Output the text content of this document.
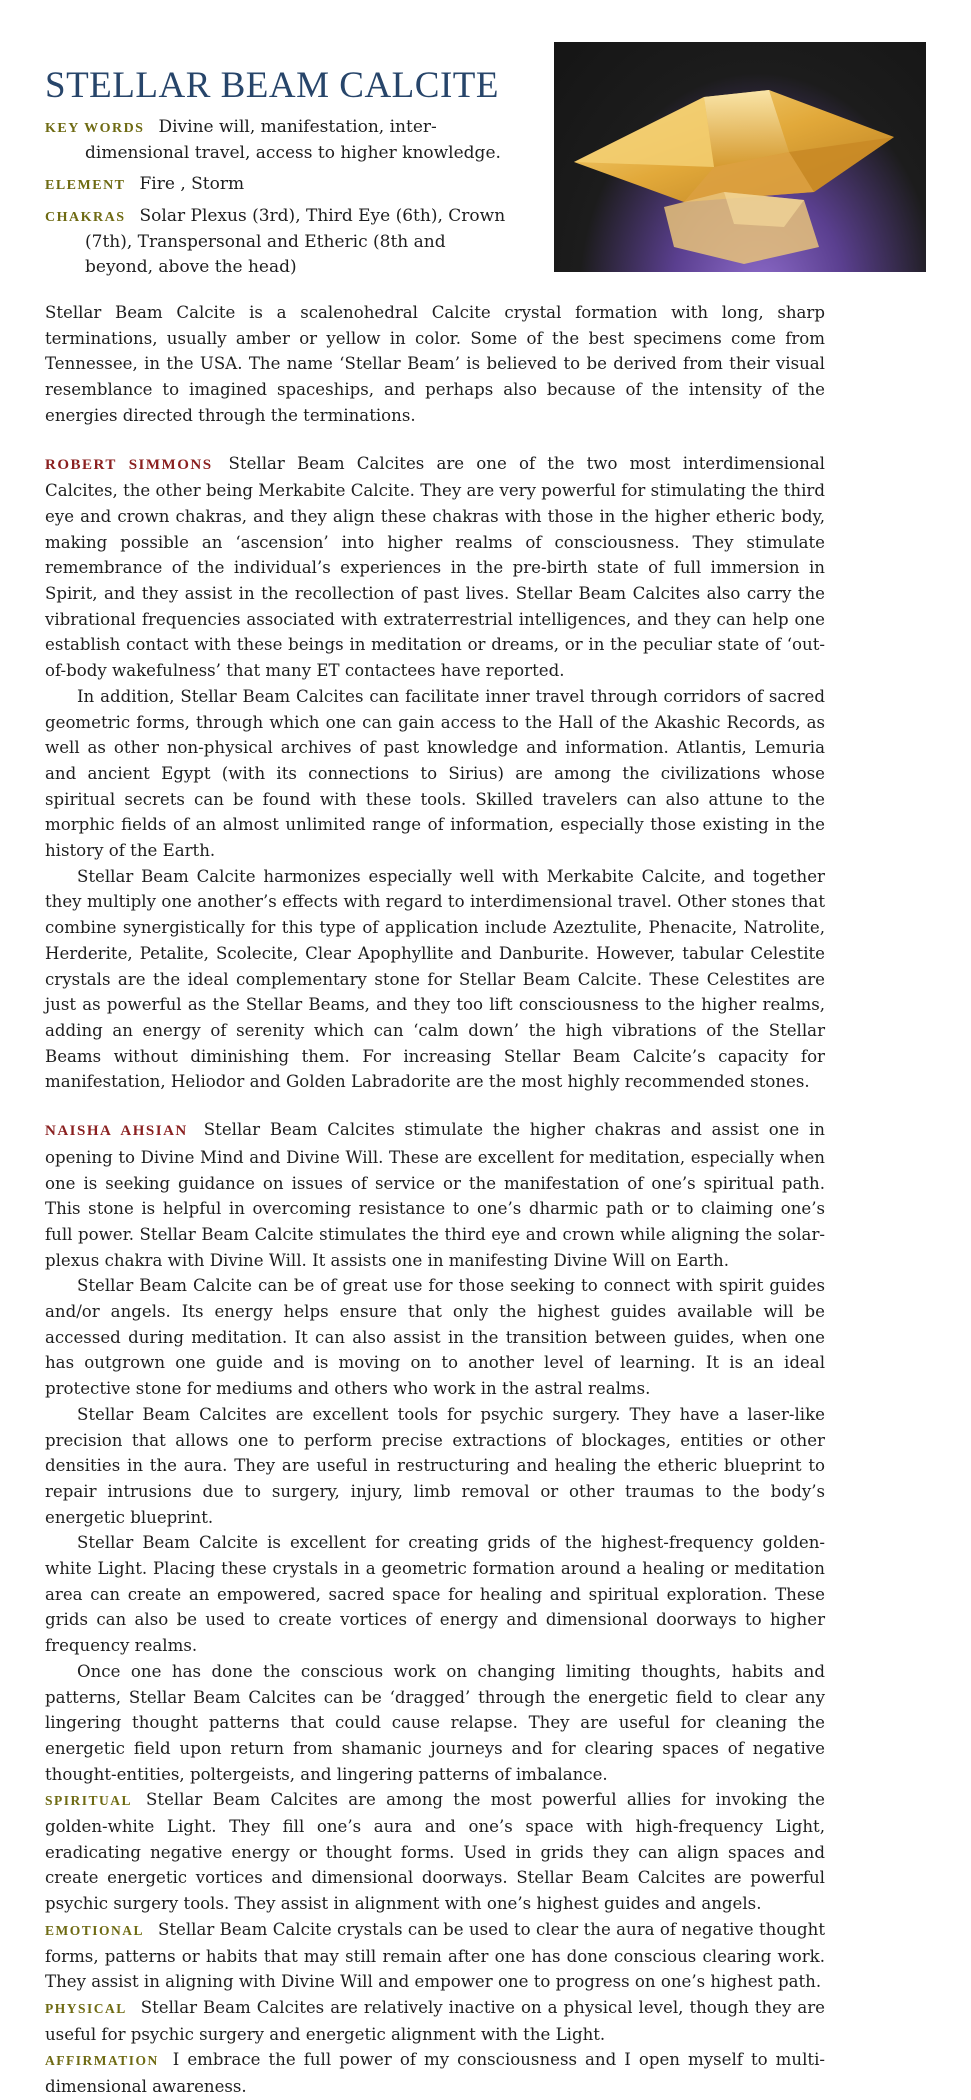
STELLAR BEAM CALCITE
KEY WORDS Divine will, manifestation, inter-dimensional travel, access to higher knowledge.
ELEMENT Fire , Storm
CHAKRAS Solar Plexus (3rd), Third Eye (6th), Crown (7th), Transpersonal and Etheric (8th and beyond, above the head)

Stellar Beam Calcite is a scalenohedral Calcite crystal formation with long, sharp terminations, usually amber or yellow in color. Some of the best specimens come from Tennessee, in the USA. The name ‘Stellar Beam’ is believed to be derived from their visual resemblance to imagined spaceships, and perhaps also because of the intensity of the energies directed through the terminations.

ROBERT SIMMONS Stellar Beam Calcites are one of the two most interdimensional Calcites, the other being Merkabite Calcite. They are very powerful for stimulating the third eye and crown chakras, and they align these chakras with those in the higher etheric body, making possible an ‘ascension’ into higher realms of consciousness. They stimulate remembrance of the individual’s experiences in the pre-birth state of full immersion in Spirit, and they assist in the recollection of past lives. Stellar Beam Calcites also carry the vibrational frequencies associated with extraterrestrial intelligences, and they can help one establish contact with these beings in meditation or dreams, or in the peculiar state of ‘out-of-body wakefulness’ that many ET contactees have reported.

In addition, Stellar Beam Calcites can facilitate inner travel through corridors of sacred geometric forms, through which one can gain access to the Hall of the Akashic Records, as well as other non-physical archives of past knowledge and information. Atlantis, Lemuria and ancient Egypt (with its connections to Sirius) are among the civilizations whose spiritual secrets can be found with these tools. Skilled travelers can also attune to the morphic fields of an almost unlimited range of information, especially those existing in the history of the Earth.

Stellar Beam Calcite harmonizes especially well with Merkabite Calcite, and together they multiply one another’s effects with regard to interdimensional travel. Other stones that combine synergistically for this type of application include Azeztulite, Phenacite, Natrolite, Herderite, Petalite, Scolecite, Clear Apophyllite and Danburite. However, tabular Celestite crystals are the ideal complementary stone for Stellar Beam Calcite. These Celestites are just as powerful as the Stellar Beams, and they too lift consciousness to the higher realms, adding an energy of serenity which can ‘calm down’ the high vibrations of the Stellar Beams without diminishing them. For increasing Stellar Beam Calcite’s capacity for manifestation, Heliodor and Golden Labradorite are the most highly recommended stones.

NAISHA AHSIAN Stellar Beam Calcites stimulate the higher chakras and assist one in opening to Divine Mind and Divine Will. These are excellent for meditation, especially when one is seeking guidance on issues of service or the manifestation of one’s spiritual path. This stone is helpful in overcoming resistance to one’s dharmic path or to claiming one’s full power. Stellar Beam Calcite stimulates the third eye and crown while aligning the solar-plexus chakra with Divine Will. It assists one in manifesting Divine Will on Earth.

Stellar Beam Calcite can be of great use for those seeking to connect with spirit guides and/or angels. Its energy helps ensure that only the highest guides available will be accessed during meditation. It can also assist in the transition between guides, when one has outgrown one guide and is moving on to another level of learning. It is an ideal protective stone for mediums and others who work in the astral realms.

Stellar Beam Calcites are excellent tools for psychic surgery. They have a laser-like precision that allows one to perform precise extractions of blockages, entities or other densities in the aura. They are useful in restructuring and healing the etheric blueprint to repair intrusions due to surgery, injury, limb removal or other traumas to the body’s energetic blueprint.

Stellar Beam Calcite is excellent for creating grids of the highest-frequency golden-white Light. Placing these crystals in a geometric formation around a healing or meditation area can create an empowered, sacred space for healing and spiritual exploration. These grids can also be used to create vortices of energy and dimensional doorways to higher frequency realms.

Once one has done the conscious work on changing limiting thoughts, habits and patterns, Stellar Beam Calcites can be ‘dragged’ through the energetic field to clear any lingering thought patterns that could cause relapse. They are useful for cleaning the energetic field upon return from shamanic journeys and for clearing spaces of negative thought-entities, poltergeists, and lingering patterns of imbalance.

SPIRITUAL Stellar Beam Calcites are among the most powerful allies for invoking the golden-white Light. They fill one’s aura and one’s space with high-frequency Light, eradicating negative energy or thought forms. Used in grids they can align spaces and create energetic vortices and dimensional doorways. Stellar Beam Calcites are powerful psychic surgery tools. They assist in alignment with one’s highest guides and angels.

EMOTIONAL Stellar Beam Calcite crystals can be used to clear the aura of negative thought forms, patterns or habits that may still remain after one has done conscious clearing work. They assist in aligning with Divine Will and empower one to progress on one’s highest path.

PHYSICAL Stellar Beam Calcites are relatively inactive on a physical level, though they are useful for psychic surgery and energetic alignment with the Light.

AFFIRMATION I embrace the full power of my consciousness and I open myself to multi-dimensional awareness.
